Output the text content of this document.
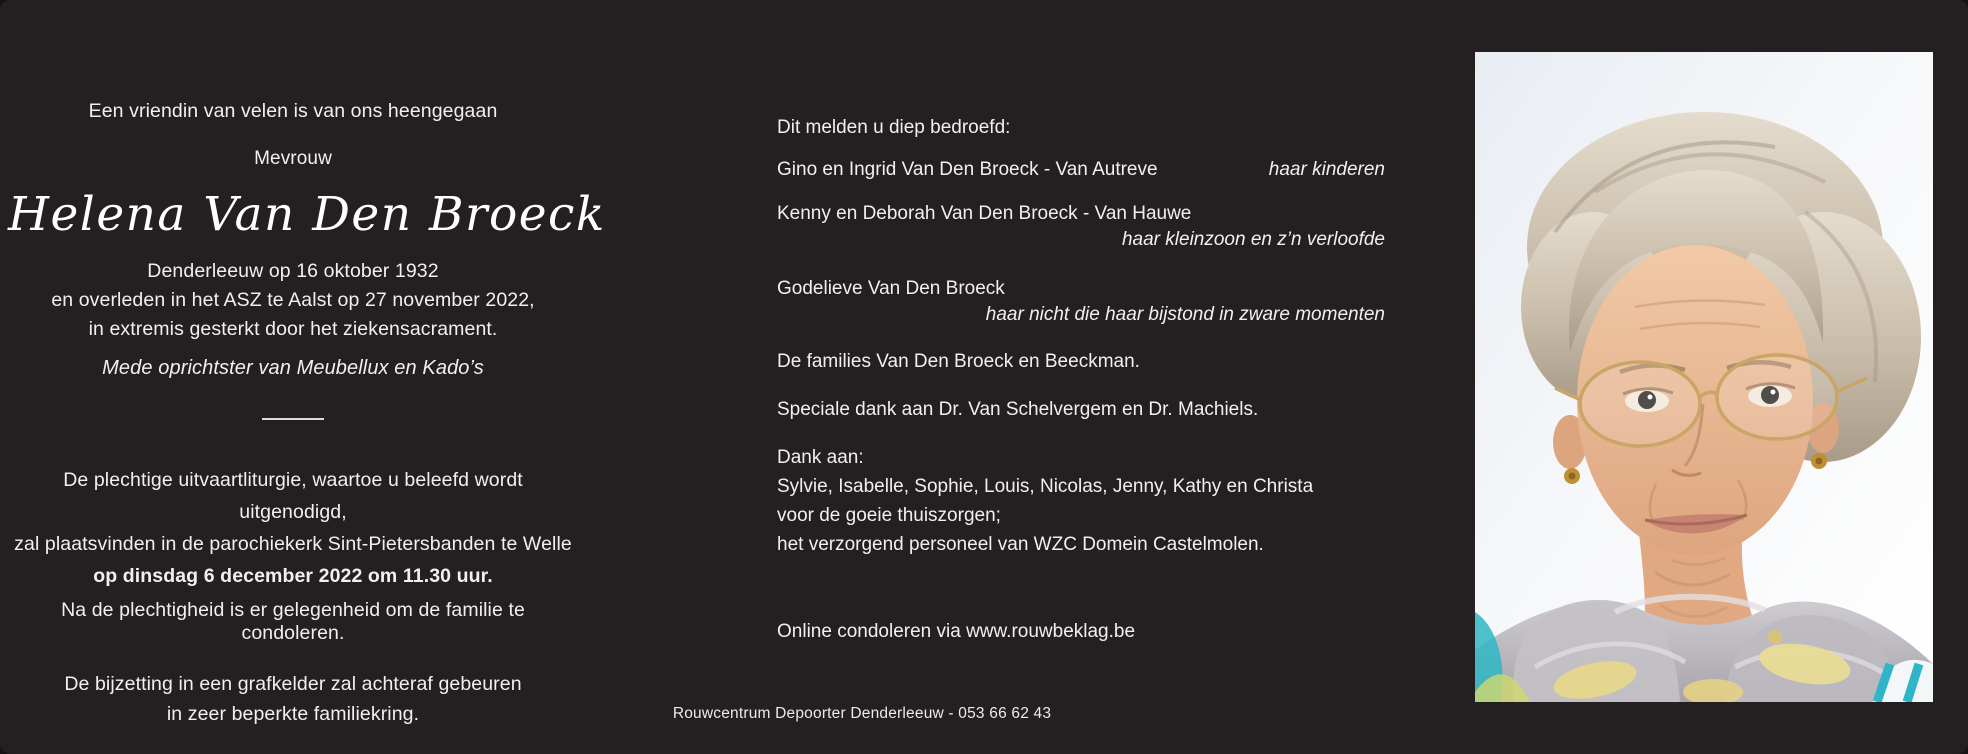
Een vriendin van velen is van ons heengegaan
Mevrouw
Helena Van Den Broeck
Denderleeuw op 16 oktober 1932
en overleden in het ASZ te Aalst op 27 november 2022,
in extremis gesterkt door het ziekensacrament.
Mede oprichtster van Meubellux en Kado’s
De plechtige uitvaartliturgie, waartoe u beleefd wordt uitgenodigd,
zal plaatsvinden in de parochiekerk Sint-Pietersbanden te Welle
op dinsdag 6 december 2022 om 11.30 uur.
Na de plechtigheid is er gelegenheid om de familie te condoleren.
De bijzetting in een grafkelder zal achteraf gebeuren
in zeer beperkte familiekring.
Dit melden u diep bedroefd:
Gino en Ingrid Van Den Broeck - Van Autreve	haar kinderen
Kenny en Deborah Van Den Broeck - Van Hauwe
haar kleinzoon en z’n verloofde
Godelieve Van Den Broeck
haar nicht die haar bijstond in zware momenten
De families Van Den Broeck en Beeckman.
Speciale dank aan Dr. Van Schelvergem en Dr. Machiels.
Dank aan:
Sylvie, Isabelle, Sophie, Louis, Nicolas, Jenny, Kathy en Christa
voor de goeie thuiszorgen;
het verzorgend personeel van WZC Domein Castelmolen.
Online condoleren via www.rouwbeklag.be
Rouwcentrum Depoorter Denderleeuw - 053 66 62 43
